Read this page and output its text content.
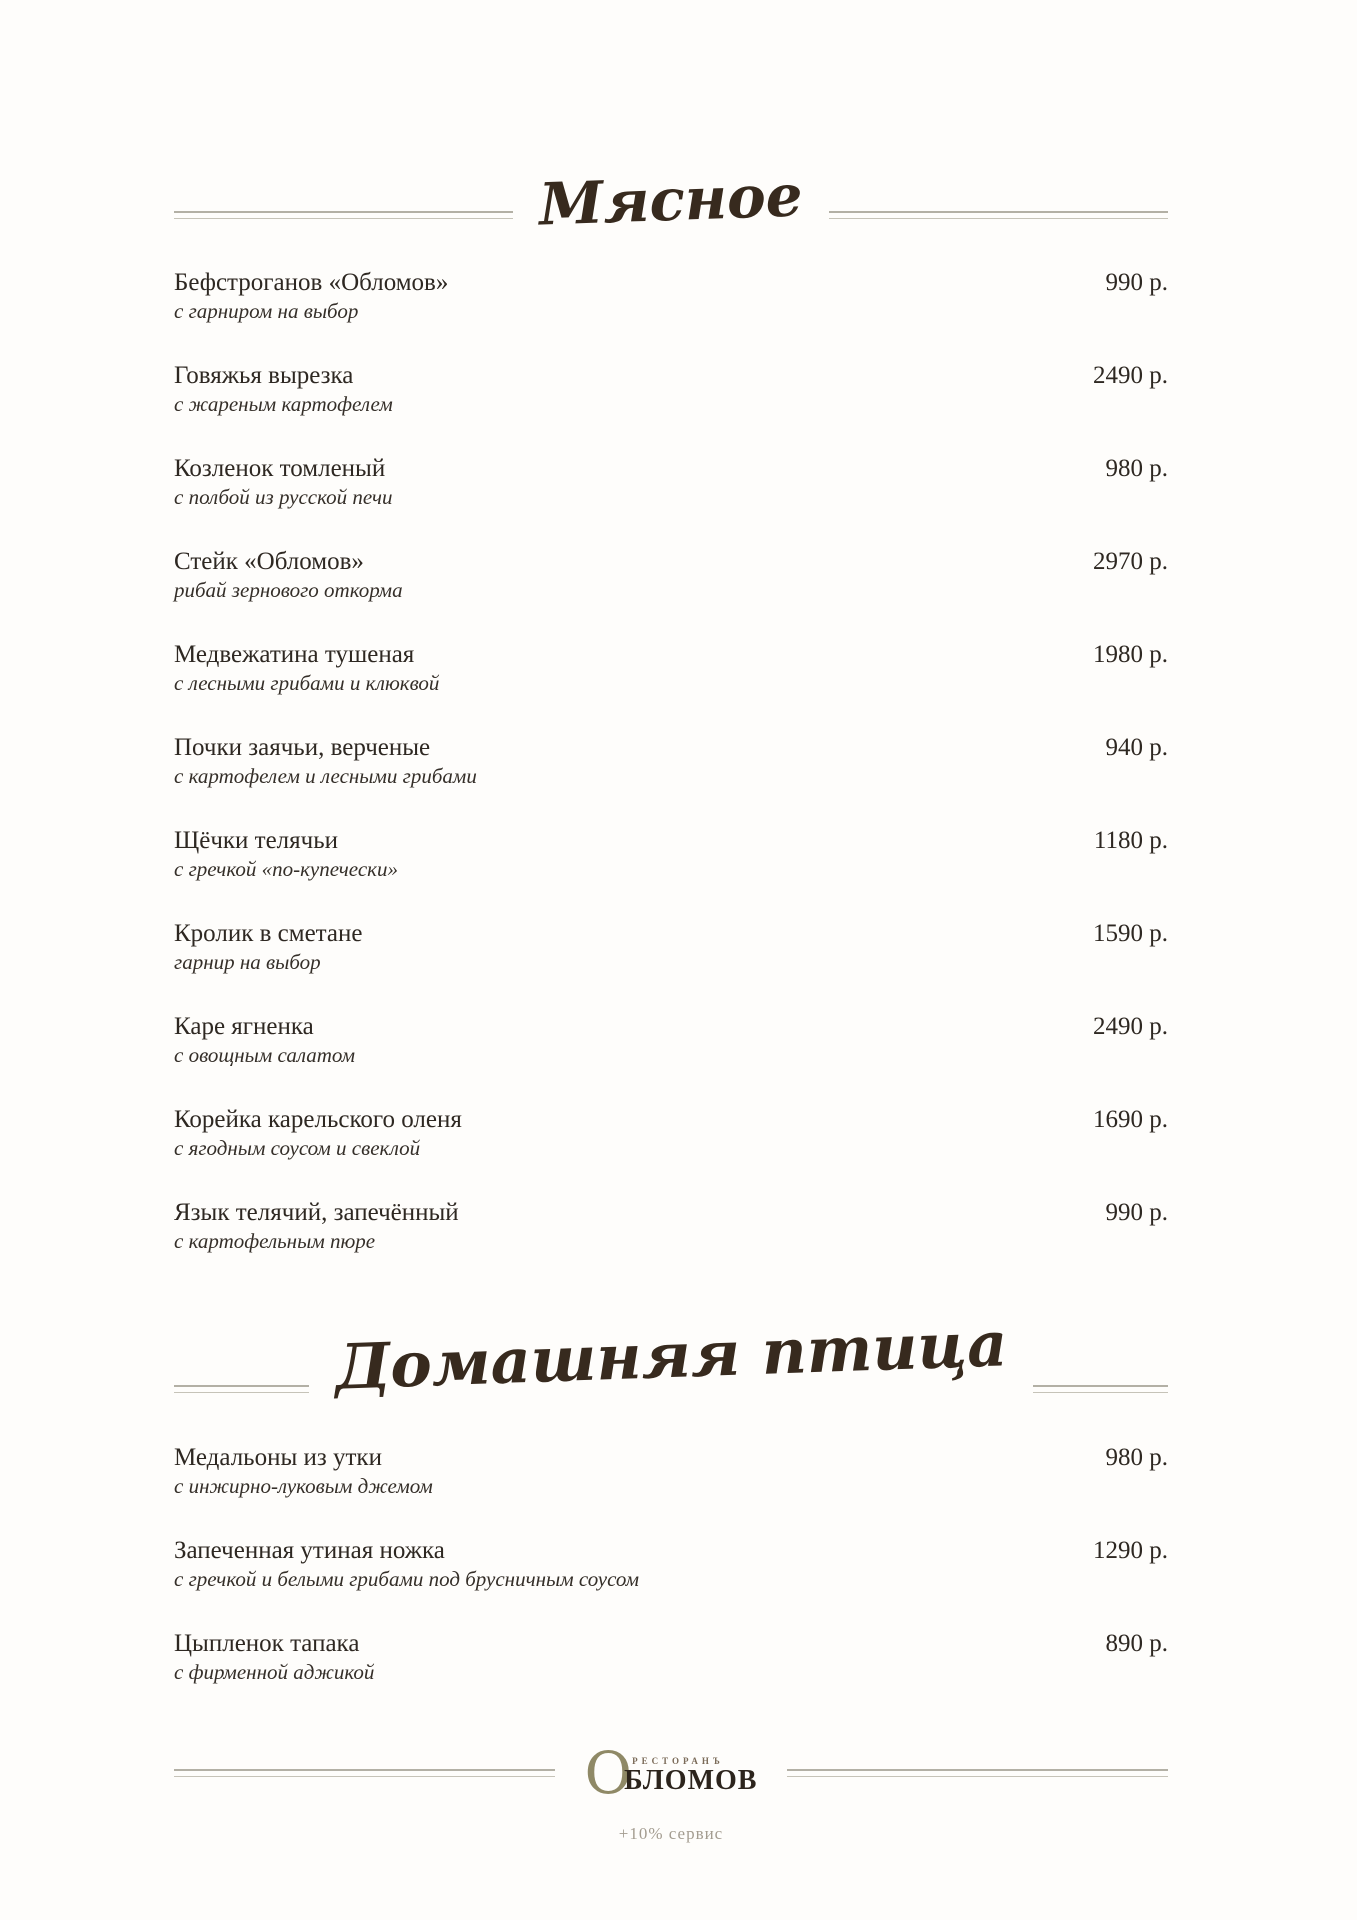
Мясное
Бефстроганов «Обломов»
с гарниром на выбор
990 р.
Говяжья вырезка
с жареным картофелем
2490 р.
Козленок томленый
с полбой из русской печи
980 р.
Стейк «Обломов»
рибай зернового откорма
2970 р.
Медвежатина тушеная
с лесными грибами и клюквой
1980 р.
Почки заячьи, верченые
с картофелем и лесными грибами
940 р.
Щёчки телячьи
с гречкой «по-купечески»
1180 р.
Кролик в сметане
гарнир на выбор
1590 р.
Каре ягненка
с овощным салатом
2490 р.
Корейка карельского оленя
с ягодным соусом и свеклой
1690 р.
Язык телячий, запечённый
с картофельным пюре
990 р.
Домашняя птица
Медальоны из утки
с инжирно-луковым джемом
980 р.
Запеченная утиная ножка
с гречкой и белыми грибами под брусничным соусом
1290 р.
Цыпленок тапака
с фирменной аджикой
890 р.
О РЕСТОРАНЪ
БЛОМОВ
+10% сервис
